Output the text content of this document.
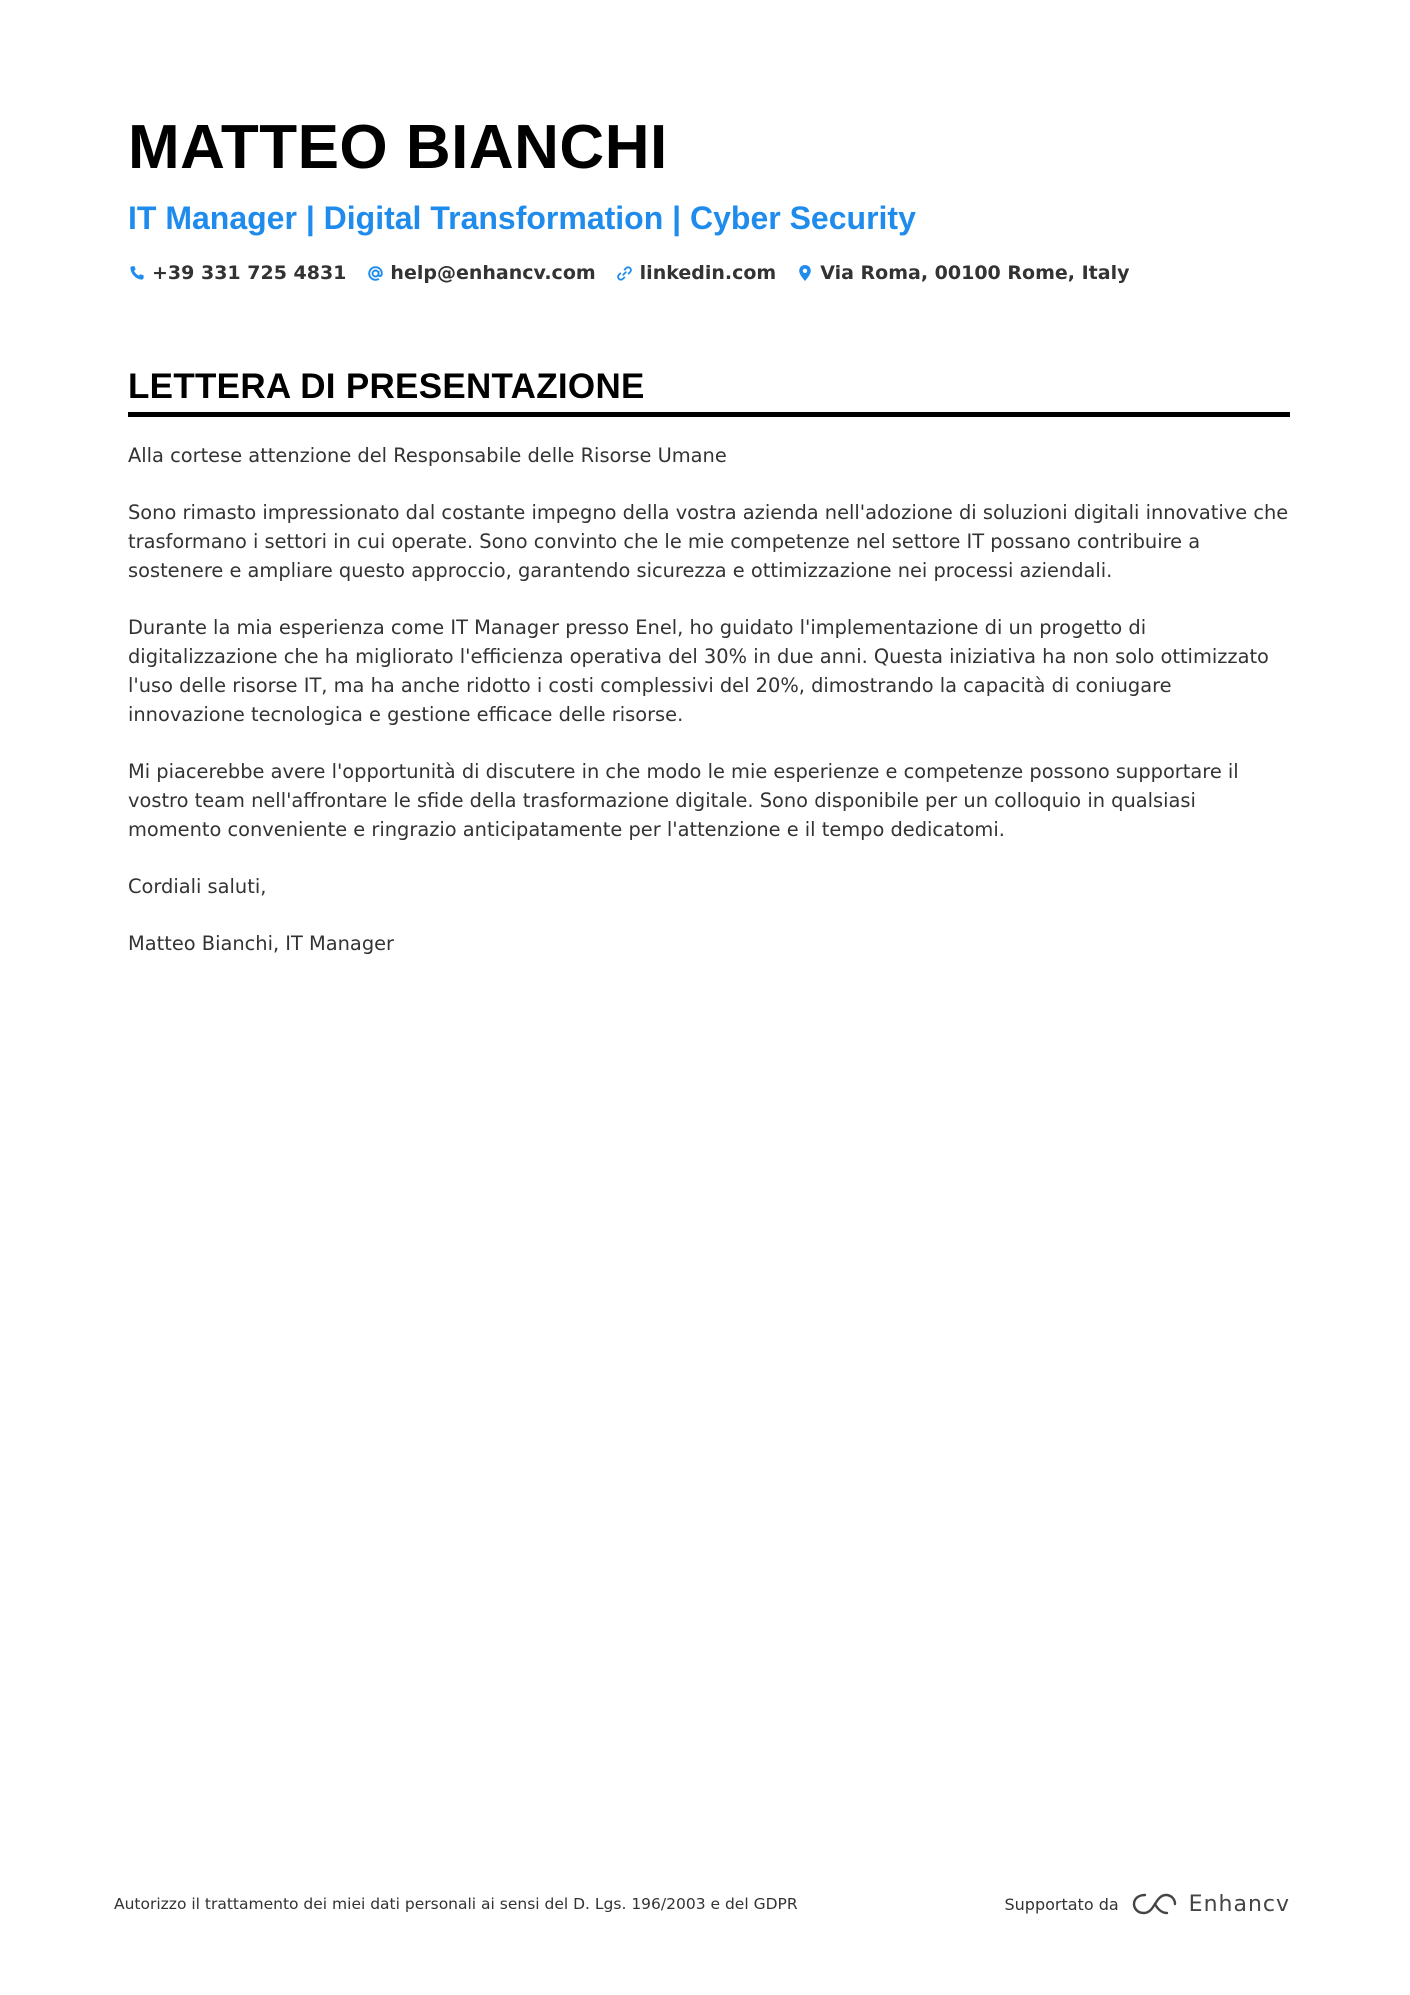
MATTEO BIANCHI
IT Manager | Digital Transformation | Cyber Security
+39 331 725 4831 help@enhancv.com linkedin.com Via Roma, 00100 Rome, Italy
LETTERA DI PRESENTAZIONE

Alla cortese attenzione del Responsabile delle Risorse Umane

Sono rimasto impressionato dal costante impegno della vostra azienda nell'adozione di soluzioni digitali innovative che trasformano i settori in cui operate. Sono convinto che le mie competenze nel settore IT possano contribuire a sostenere e ampliare questo approccio, garantendo sicurezza e ottimizzazione nei processi aziendali.

Durante la mia esperienza come IT Manager presso Enel, ho guidato l'implementazione di un progetto di digitalizzazione che ha migliorato l'efficienza operativa del 30% in due anni. Questa iniziativa ha non solo ottimizzato l'uso delle risorse IT, ma ha anche ridotto i costi complessivi del 20%, dimostrando la capacità di coniugare innovazione tecnologica e gestione efficace delle risorse.

Mi piacerebbe avere l'opportunità di discutere in che modo le mie esperienze e competenze possono supportare il vostro team nell'affrontare le sfide della trasformazione digitale. Sono disponibile per un colloquio in qualsiasi momento conveniente e ringrazio anticipatamente per l'attenzione e il tempo dedicatomi.

Cordiali saluti,

Matteo Bianchi, IT Manager

Autorizzo il trattamento dei miei dati personali ai sensi del D. Lgs. 196/2003 e del GDPR	Supportato da	Enhancv
